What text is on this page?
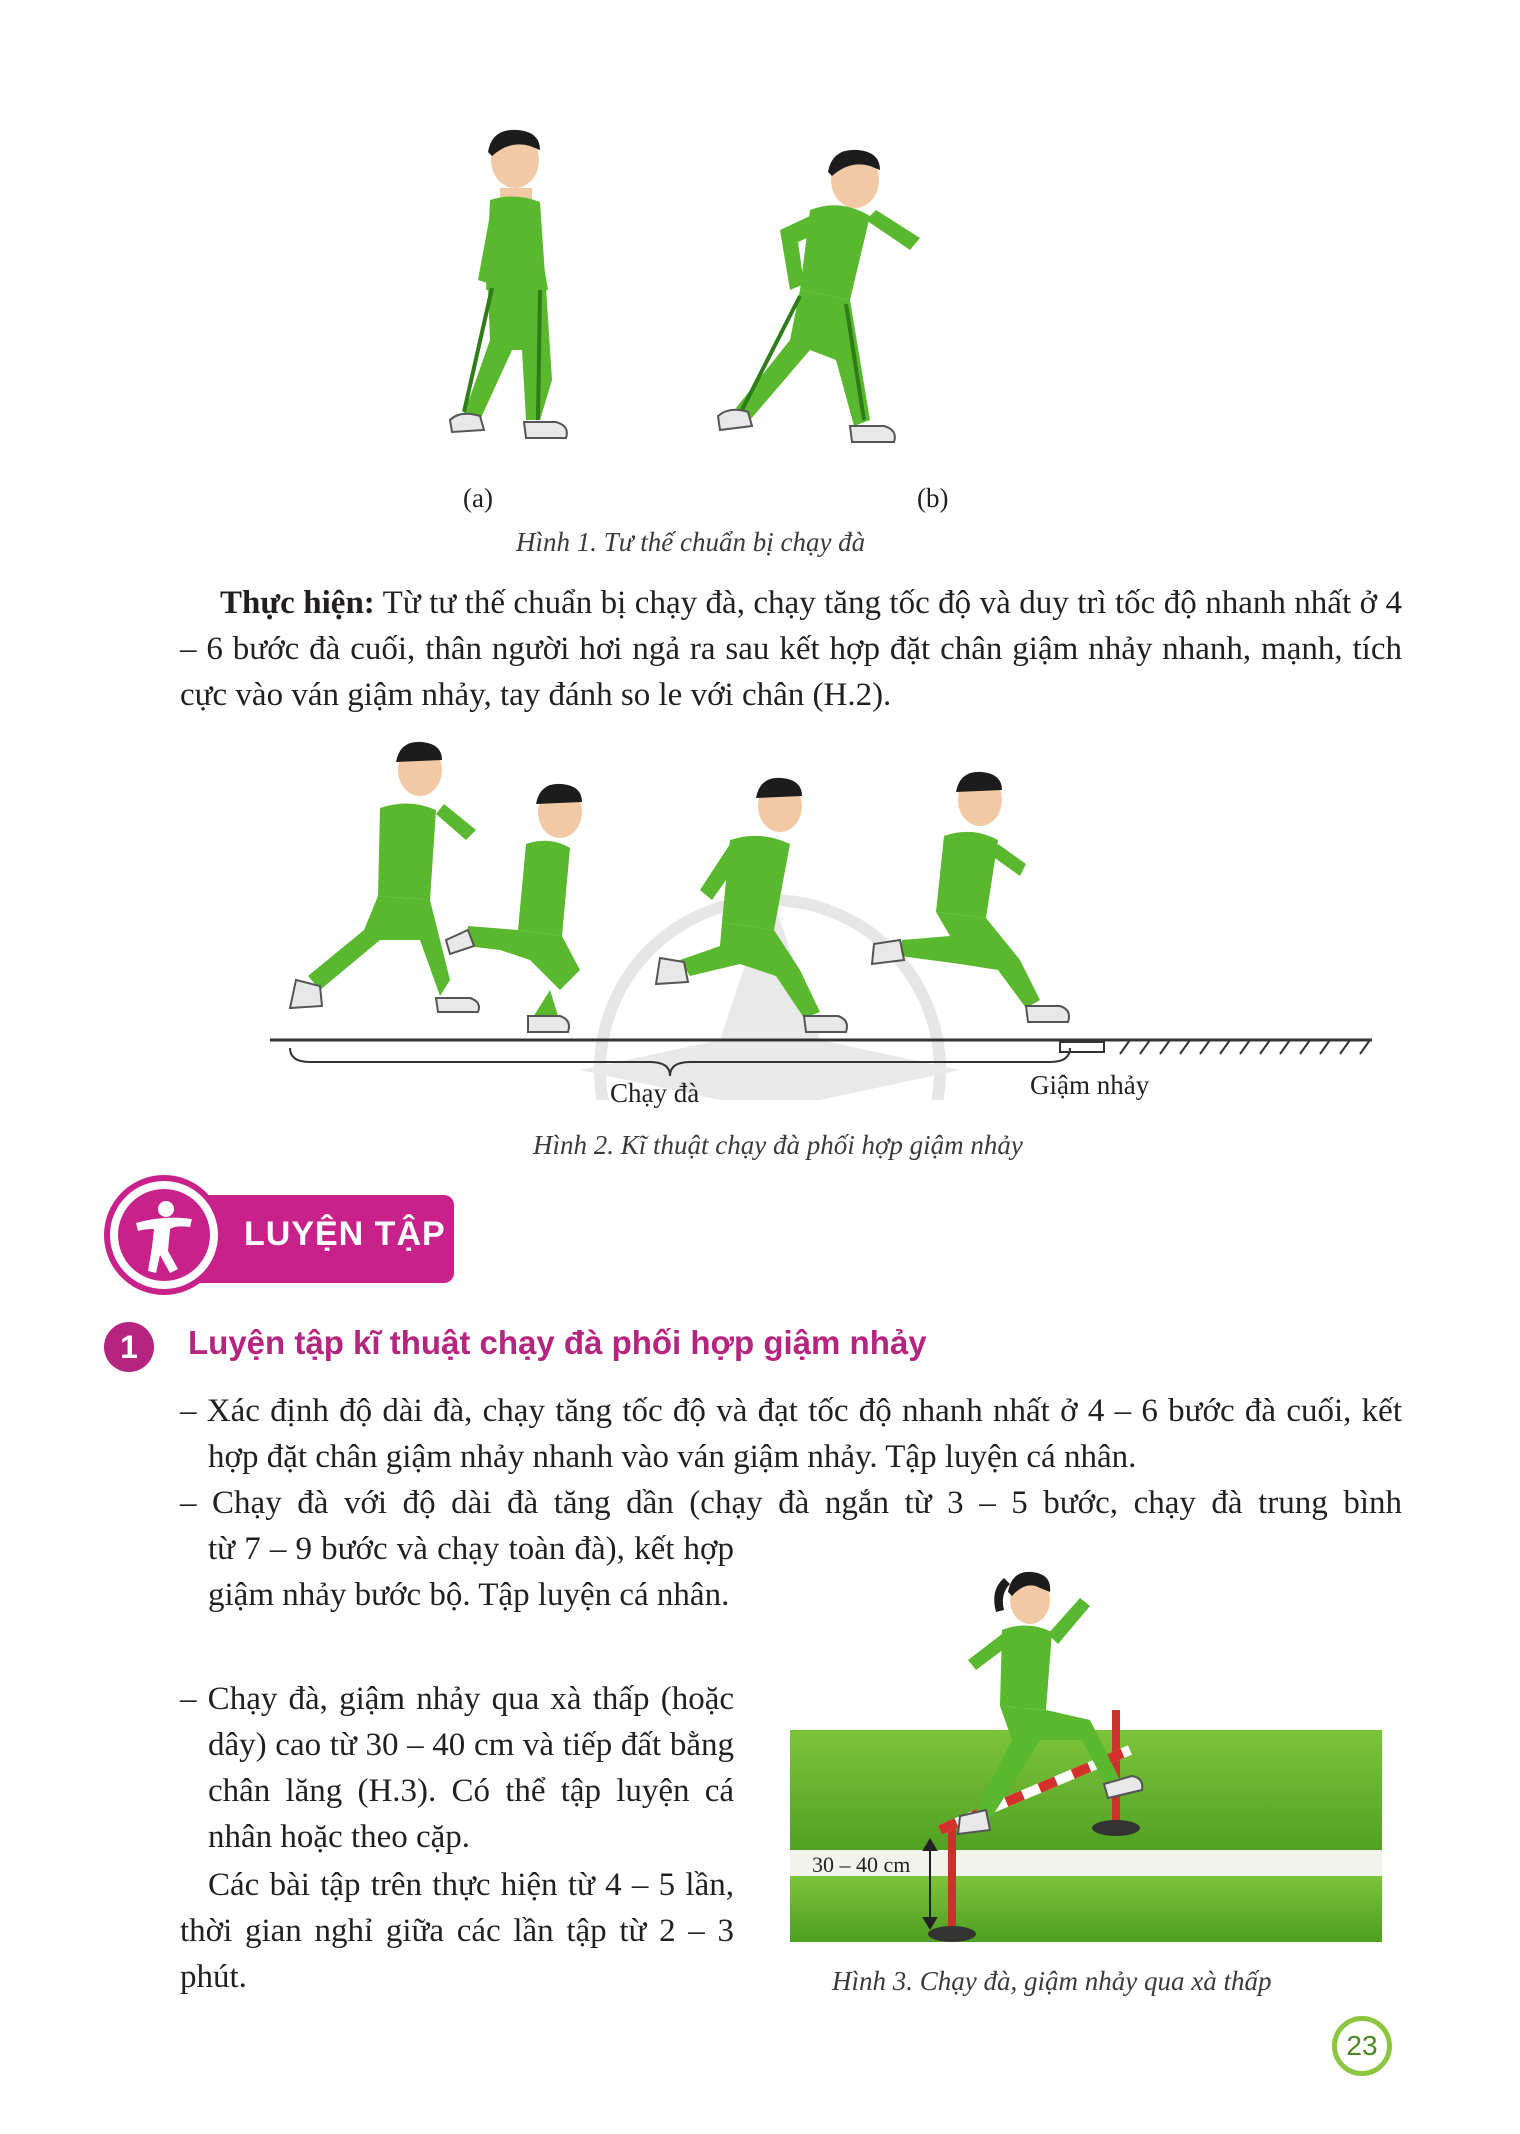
(a)	(b)
Hình 1. Tư thế chuẩn bị chạy đà
Thực hiện: Từ tư thế chuẩn bị chạy đà, chạy tăng tốc độ và duy trì tốc độ nhanh nhất ở 4 – 6 bước đà cuối, thân người hơi ngả ra sau kết hợp đặt chân giậm nhảy nhanh, mạnh, tích cực vào ván giậm nhảy, tay đánh so le với chân (H.2).
Chạy đà	Giậm nhảy
Hình 2. Kĩ thuật chạy đà phối hợp giậm nhảy
LUYỆN TẬP
1	Luyện tập kĩ thuật chạy đà phối hợp giậm nhảy
– Xác định độ dài đà, chạy tăng tốc độ và đạt tốc độ nhanh nhất ở 4 – 6 bước đà cuối, kết hợp đặt chân giậm nhảy nhanh vào ván giậm nhảy. Tập luyện cá nhân.
– Chạy đà với độ dài đà tăng dần (chạy đà ngắn từ 3 – 5 bước, chạy đà trung bình
từ 7 – 9 bước và chạy toàn đà), kết hợp giậm nhảy bước bộ. Tập luyện cá nhân.
– Chạy đà, giậm nhảy qua xà thấp (hoặc dây) cao từ 30 – 40 cm và tiếp đất bằng chân lăng (H.3). Có thể tập luyện cá nhân hoặc theo cặp.
Các bài tập trên thực hiện từ 4 – 5 lần, thời gian nghỉ giữa các lần tập từ 2 – 3 phút.
30 – 40 cm
Hình 3. Chạy đà, giậm nhảy qua xà thấp
23
